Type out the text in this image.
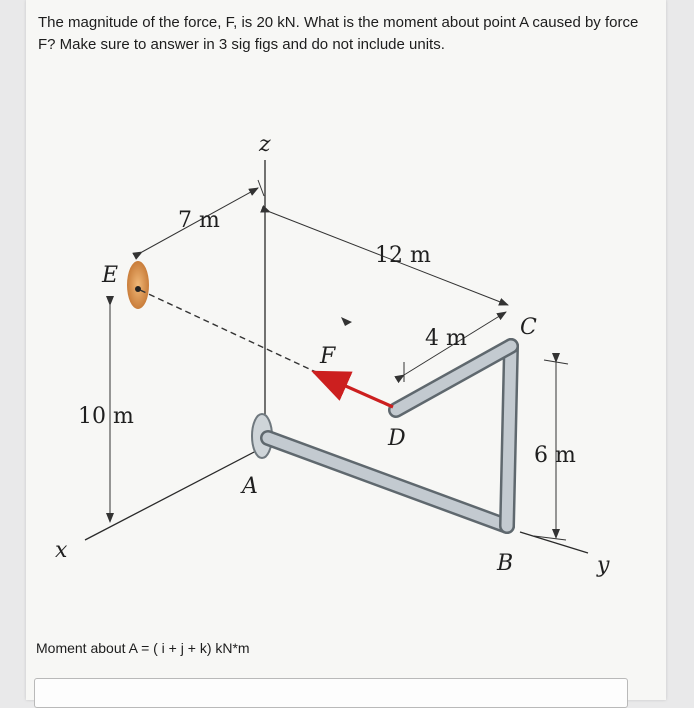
The magnitude of the force, F, is 20 kN. What is the moment about point A caused by force F? Make sure to answer in 3 sig figs and do not include units.
z
x
y
A
B
C
D
E
F
7 m
10 m
12 m
4 m
6 m
Moment about A = ( i + j + k) kN*m
